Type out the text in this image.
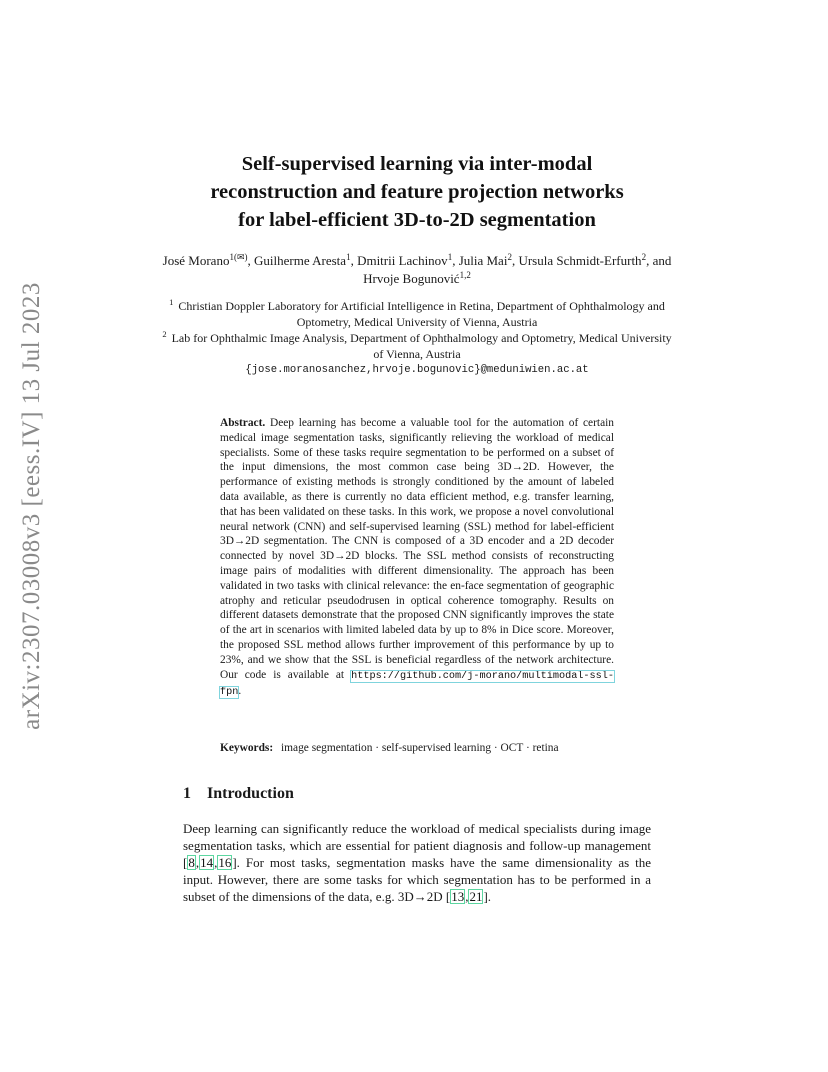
arXiv:2307.03008v3 [eess.IV] 13 Jul 2023
Self-supervised learning via inter-modal
reconstruction and feature projection networks
for label-efficient 3D-to-2D segmentation
José Morano$^{1(✉)}$, Guilherme Aresta$^1$, Dmitrii Lachinov$^1$, Julia Mai$^2$, Ursula Schmidt-Erfurth$^2$, and Hrvoje Bogunović$^{1,2}$
$^1$ Christian Doppler Laboratory for Artificial Intelligence in Retina, Department of Ophthalmology and Optometry, Medical University of Vienna, Austria
$^2$ Lab for Ophthalmic Image Analysis, Department of Ophthalmology and Optometry, Medical University of Vienna, Austria
{jose.moranosanchez,hrvoje.bogunovic}@meduniwien.ac.at

Abstract. Deep learning has become a valuable tool for the automation of certain medical image segmentation tasks, significantly relieving the workload of medical specialists. Some of these tasks require segmentation to be performed on a subset of the input dimensions, the most common case being 3D→2D. However, the performance of existing methods is strongly conditioned by the amount of labeled data available, as there is currently no data efficient method, e.g. transfer learning, that has been validated on these tasks. In this work, we propose a novel convolutional neural network (CNN) and self-supervised learning (SSL) method for label-efficient 3D→2D segmentation. The CNN is composed of a 3D encoder and a 2D decoder connected by novel 3D→2D blocks. The SSL method consists of reconstructing image pairs of modalities with different dimensionality. The approach has been validated in two tasks with clinical relevance: the en-face segmentation of geographic atrophy and reticular pseudodrusen in optical coherence tomography. Results on different datasets demonstrate that the proposed CNN significantly improves the state of the art in scenarios with limited labeled data by up to 8% in Dice score. Moreover, the proposed SSL method allows further improvement of this performance by up to 23%, and we show that the SSL is beneficial regardless of the network architecture. Our code is available at https://github.com/j-morano/multimodal-ssl-fpn.

Keywords: image segmentation · self-supervised learning · OCT · retina
1 Introduction

Deep learning can significantly reduce the workload of medical specialists during image segmentation tasks, which are essential for patient diagnosis and follow-up management [8,14,16]. For most tasks, segmentation masks have the same dimensionality as the input. However, there are some tasks for which segmentation has to be performed in a subset of the dimensions of the data, e.g. 3D→2D [13,21].
